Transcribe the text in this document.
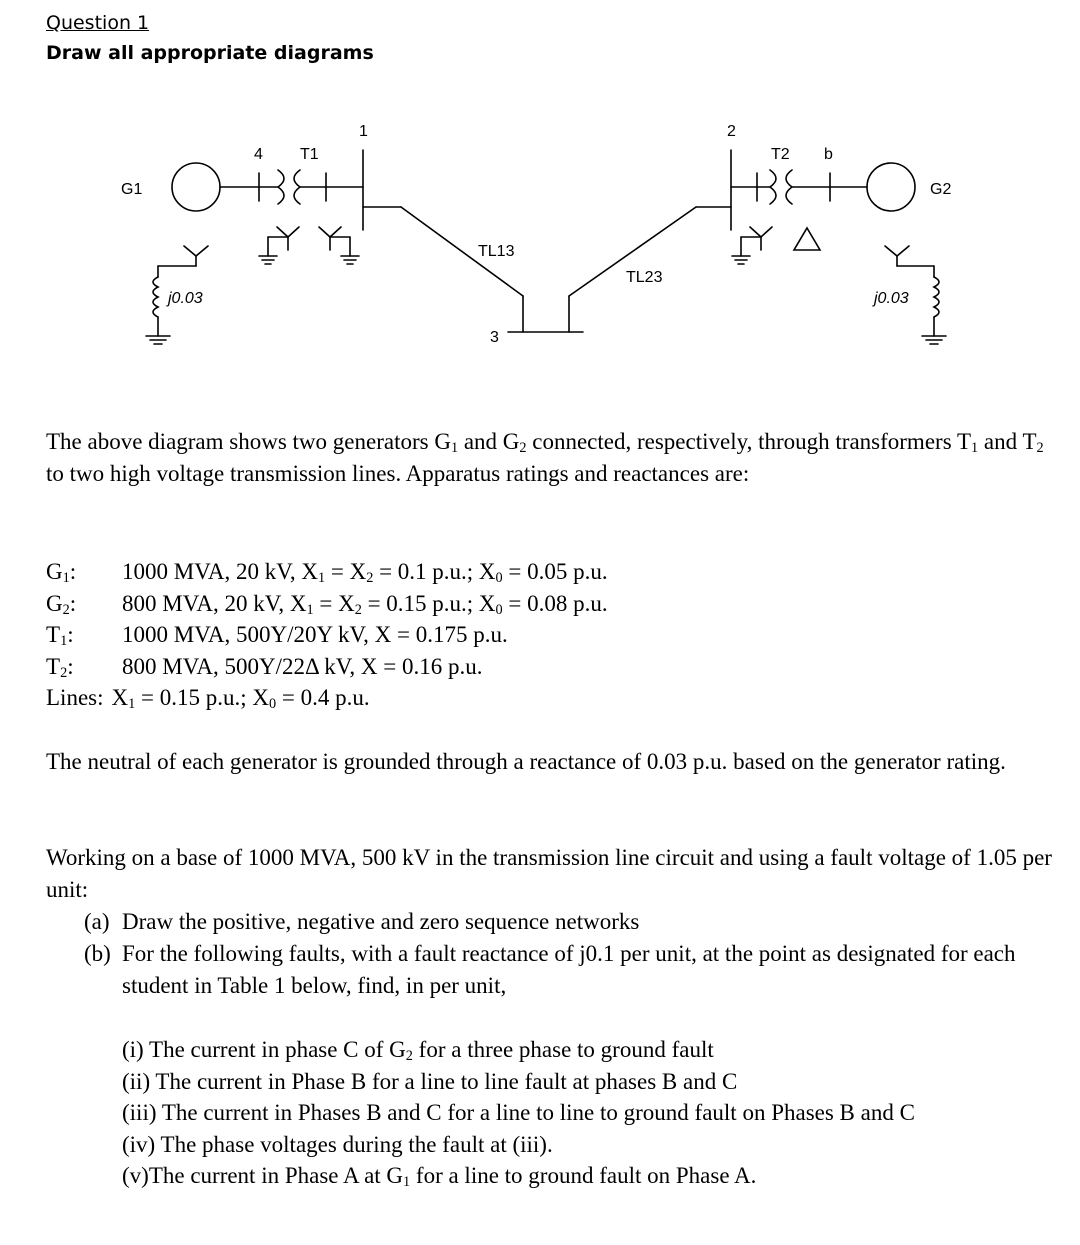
Question 1
Draw all appropriate diagrams
G1
4 T1
1	2
T2 b
G2
TL13
TL23
3
j0.03	j0.03
The above diagram shows two generators $G_1$ and $G_2$ connected, respectively, through transformers $T_1$ and $T_2$ to two high voltage transmission lines. Apparatus ratings and reactances are:
$G_1$: 1000 MVA, 20 kV, $X_1 = X_2 = 0.1$ p.u.; $X_0 = 0.05$ p.u.
$G_2$: 800 MVA, 20 kV, $X_1 = X_2 = 0.15$ p.u.; $X_0 = 0.08$ p.u.
$T_1$: 1000 MVA, 500Y/20Y kV, X = 0.175 p.u.
$T_2$: 800 MVA, 500Y/22Δ kV, X = 0.16 p.u.
Lines: $X_1 = 0.15$ p.u.; $X_0 = 0.4$ p.u.
The neutral of each generator is grounded through a reactance of 0.03 p.u. based on the generator rating.
Working on a base of 1000 MVA, 500 kV in the transmission line circuit and using a fault voltage of 1.05 per unit:
(a) Draw the positive, negative and zero sequence networks
(b) For the following faults, with a fault reactance of j0.1 per unit, at the point as designated for each student in Table 1 below, find, in per unit,
(i) The current in phase C of $G_2$ for a three phase to ground fault
(ii) The current in Phase B for a line to line fault at phases B and C
(iii) The current in Phases B and C for a line to line to ground fault on Phases B and C
(iv) The phase voltages during the fault at (iii).
(v)The current in Phase A at $G_1$ for a line to ground fault on Phase A.
